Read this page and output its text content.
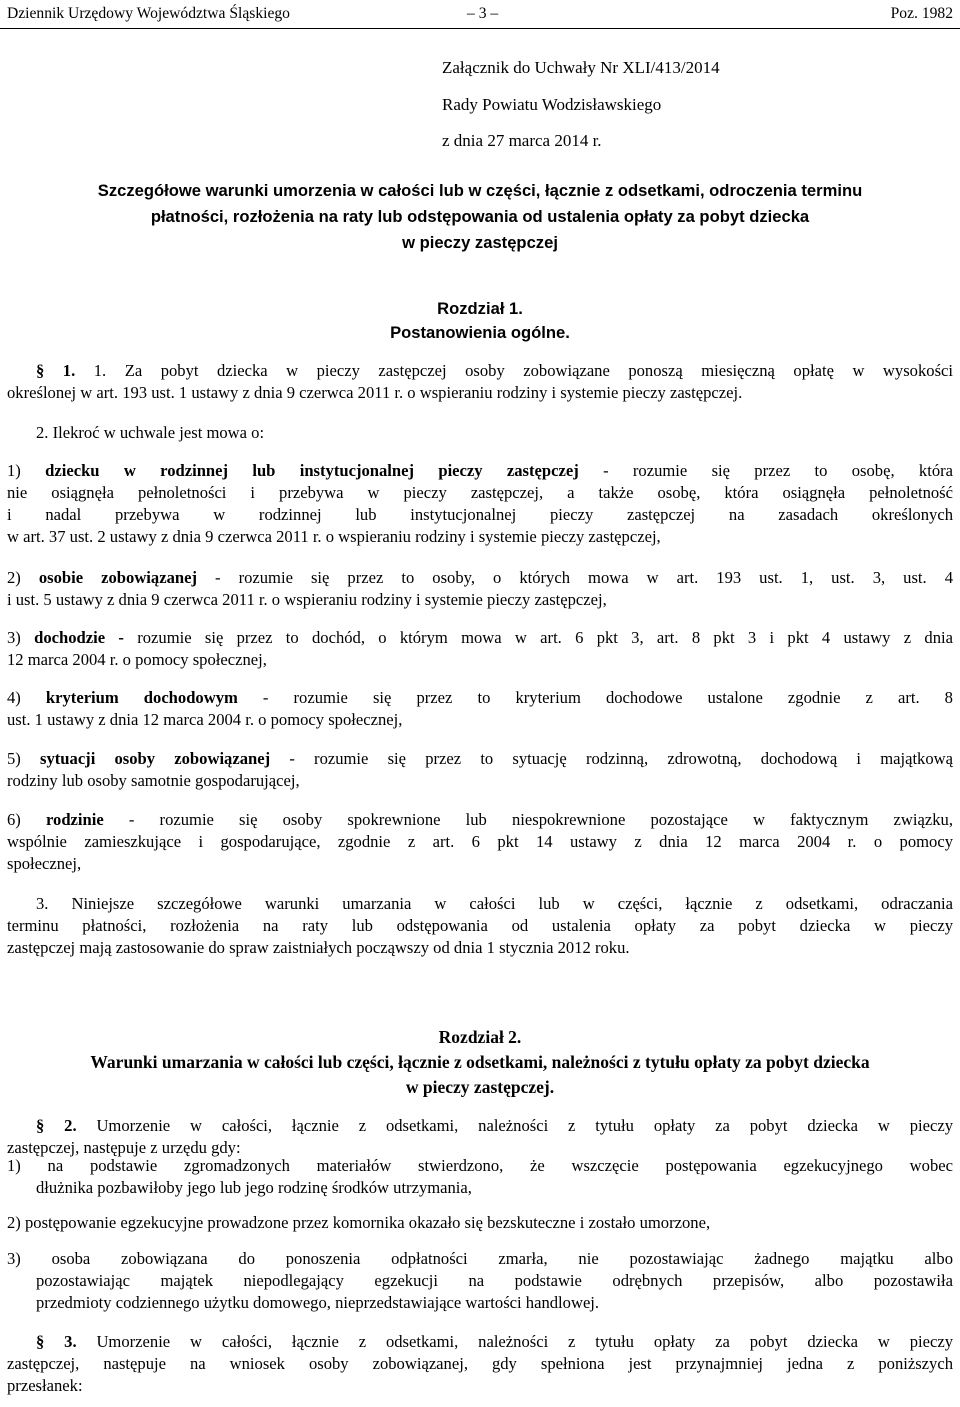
Dziennik Urzędowy Województwa Śląskiego	– 3 –	Poz. 1982
Załącznik do Uchwały Nr XLI/413/2014
Rady Powiatu Wodzisławskiego
z dnia 27 marca 2014 r.
Szczegółowe warunki umorzenia w całości lub w części, łącznie z odsetkami, odroczenia terminu
płatności, rozłożenia na raty lub odstępowania od ustalenia opłaty za pobyt dziecka
w pieczy zastępczej
Rozdział 1.
Postanowienia ogólne.
§ 1. 1. Za pobyt dziecka w pieczy zastępczej osoby zobowiązane ponoszą miesięczną opłatę w wysokości
określonej w art. 193 ust. 1 ustawy z dnia 9 czerwca 2011 r. o wspieraniu rodziny i systemie pieczy zastępczej.
2. Ilekroć w uchwale jest mowa o:
1) dziecku w rodzinnej lub instytucjonalnej pieczy zastępczej - rozumie się przez to osobę, która
nie osiągnęła pełnoletności i przebywa w pieczy zastępczej, a także osobę, która osiągnęła pełnoletność
i nadal przebywa w rodzinnej lub instytucjonalnej pieczy zastępczej na zasadach określonych
w art. 37 ust. 2 ustawy z dnia 9 czerwca 2011 r. o wspieraniu rodziny i systemie pieczy zastępczej,
2) osobie zobowiązanej - rozumie się przez to osoby, o których mowa w art. 193 ust. 1, ust. 3, ust. 4
i ust. 5 ustawy z dnia 9 czerwca 2011 r. o wspieraniu rodziny i systemie pieczy zastępczej,
3) dochodzie - rozumie się przez to dochód, o którym mowa w art. 6 pkt 3, art. 8 pkt 3 i pkt 4 ustawy z dnia
12 marca 2004 r. o pomocy społecznej,
4) kryterium dochodowym - rozumie się przez to kryterium dochodowe ustalone zgodnie z art. 8
ust. 1 ustawy z dnia 12 marca 2004 r. o pomocy społecznej,
5) sytuacji osoby zobowiązanej - rozumie się przez to sytuację rodzinną, zdrowotną, dochodową i majątkową
rodziny lub osoby samotnie gospodarującej,
6) rodzinie - rozumie się osoby spokrewnione lub niespokrewnione pozostające w faktycznym związku,
wspólnie zamieszkujące i gospodarujące, zgodnie z art. 6 pkt 14 ustawy z dnia 12 marca 2004 r. o pomocy
społecznej,
3. Niniejsze szczegółowe warunki umarzania w całości lub w części, łącznie z odsetkami, odraczania
terminu płatności, rozłożenia na raty lub odstępowania od ustalenia opłaty za pobyt dziecka w pieczy
zastępczej mają zastosowanie do spraw zaistniałych począwszy od dnia 1 stycznia 2012 roku.
Rozdział 2.
Warunki umarzania w całości lub części, łącznie z odsetkami, należności z tytułu opłaty za pobyt dziecka
w pieczy zastępczej.
§ 2. Umorzenie w całości, łącznie z odsetkami, należności z tytułu opłaty za pobyt dziecka w pieczy
zastępczej, następuje z urzędu gdy:
1) na podstawie zgromadzonych materiałów stwierdzono, że wszczęcie postępowania egzekucyjnego wobec
dłużnika pozbawiłoby jego lub jego rodzinę środków utrzymania,
2) postępowanie egzekucyjne prowadzone przez komornika okazało się bezskuteczne i zostało umorzone,
3) osoba zobowiązana do ponoszenia odpłatności zmarła, nie pozostawiając żadnego majątku albo
pozostawiając majątek niepodlegający egzekucji na podstawie odrębnych przepisów, albo pozostawiła
przedmioty codziennego użytku domowego, nieprzedstawiające wartości handlowej.
§ 3. Umorzenie w całości, łącznie z odsetkami, należności z tytułu opłaty za pobyt dziecka w pieczy
zastępczej, następuje na wniosek osoby zobowiązanej, gdy spełniona jest przynajmniej jedna z poniższych
przesłanek:
